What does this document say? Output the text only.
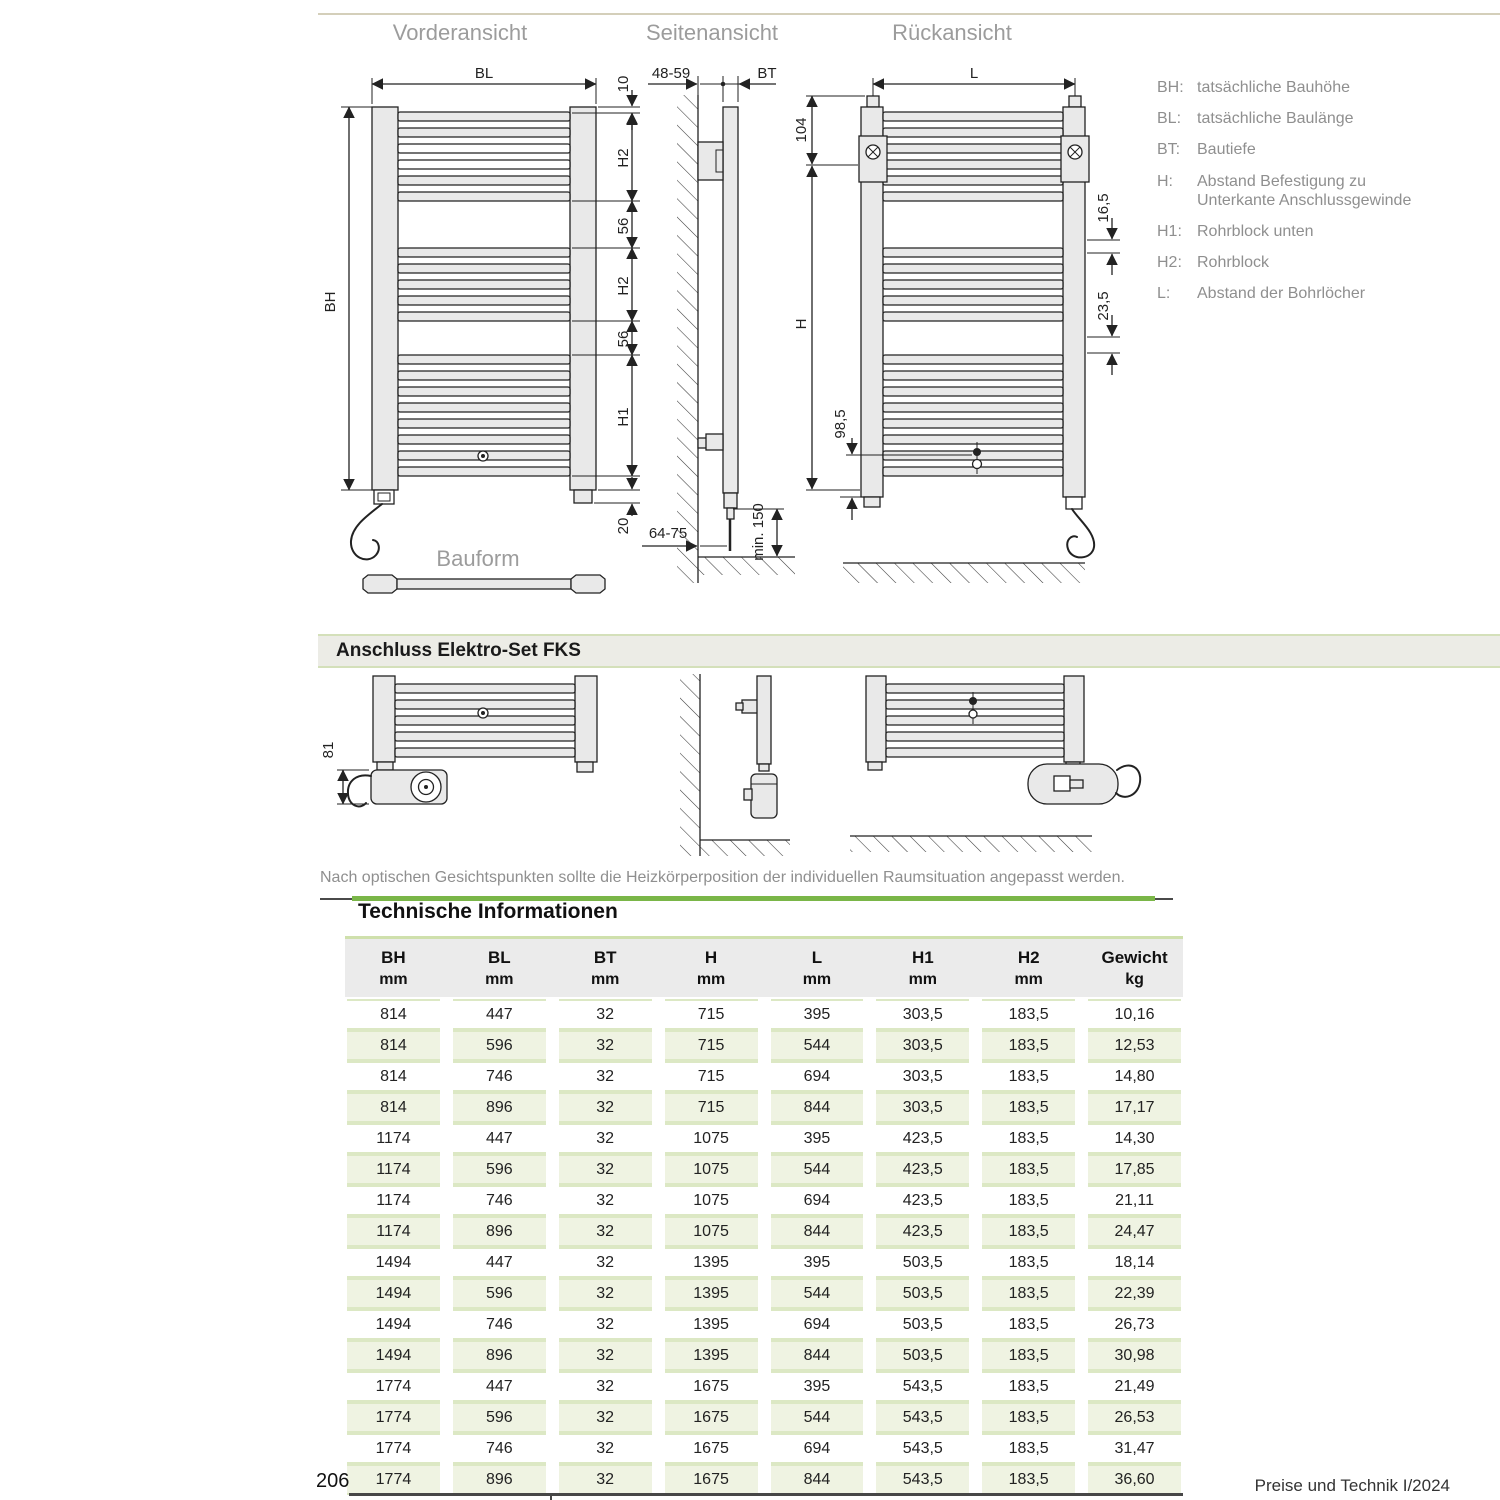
Vorderansicht	Seitenansicht	Rückansicht
BL
BH
10
H2
56
H2
56
H1
20
Bauform
48-59	BT
64-75	min. 150
104
H
L
16,5
23,5
98,5
BH: tatsächliche Bauhöhe
BL: tatsächliche Baulänge
BT:	Bautiefe
H:	Abstand Befestigung zu Unterkante Anschlussgewinde
H1: Rohrblock unten
H2: Rohrblock
L:	Abstand der Bohrlöcher
Anschluss Elektro-Set FKS
81
Nach optischen Gesichtspunkten sollte die Heizkörperposition der individuellen Raumsituation angepasst werden.
Technische Informationen
BH
mm
BL
mm
BT
mm
H
mm
L
mm
H1
mm
H2
mm
Gewicht
kg
814	447	32	715	395	303,5	183,5	10,16
814	596	32	715	544	303,5	183,5	12,53
814	746	32	715	694	303,5	183,5	14,80
814	896	32	715	844	303,5	183,5	17,17
1174	447	32	1075	395	423,5	183,5	14,30
1174	596	32	1075	544	423,5	183,5	17,85
1174	746	32	1075	694	423,5	183,5	21,11
1174	896	32	1075	844	423,5	183,5	24,47
1494	447	32	1395	395	503,5	183,5	18,14
1494	596	32	1395	544	503,5	183,5	22,39
1494	746	32	1395	694	503,5	183,5	26,73
1494	896	32	1395	844	503,5	183,5	30,98
1774	447	32	1675	395	543,5	183,5	21,49
1774	596	32	1675	544	543,5	183,5	26,53
1774	746	32	1675	694	543,5	183,5	31,47
1774	896	32	1675	844	543,5	183,5	36,60
206	Preise und Technik I/2024
